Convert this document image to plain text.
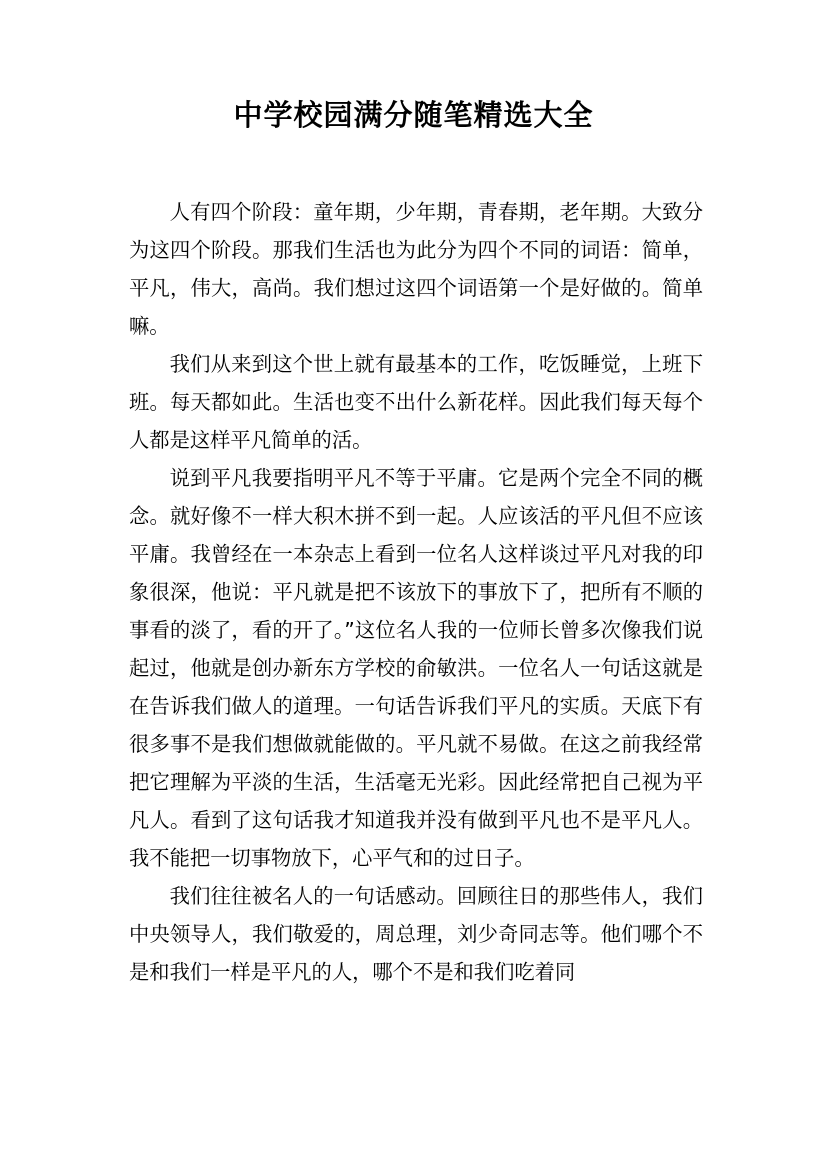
中学校园满分随笔精选大全

人有四个阶段：童年期，少年期，青春期，老年期。大致分为这四个阶段。那我们生活也为此分为四个不同的词语：简单，平凡，伟大，高尚。我们想过这四个词语第一个是好做的。简单嘛。

我们从来到这个世上就有最基本的工作，吃饭睡觉，上班下班。每天都如此。生活也变不出什么新花样。因此我们每天每个人都是这样平凡简单的活。

说到平凡我要指明平凡不等于平庸。它是两个完全不同的概念。就好像不一样大积木拼不到一起。人应该活的平凡但不应该平庸。我曾经在一本杂志上看到一位名人这样谈过平凡对我的印象很深，他说：平凡就是把不该放下的事放下了，把所有不顺的事看的淡了，看的开了。”这位名人我的一位师长曾多次像我们说起过，他就是创办新东方学校的俞敏洪。一位名人一句话这就是在告诉我们做人的道理。一句话告诉我们平凡的实质。天底下有很多事不是我们想做就能做的。平凡就不易做。在这之前我经常把它理解为平淡的生活，生活毫无光彩。因此经常把自己视为平凡人。看到了这句话我才知道我并没有做到平凡也不是平凡人。我不能把一切事物放下，心平气和的过日子。

我们往往被名人的一句话感动。回顾往日的那些伟人，我们中央领导人，我们敬爱的，周总理，刘少奇同志等。他们哪个不是和我们一样是平凡的人，哪个不是和我们吃着同
